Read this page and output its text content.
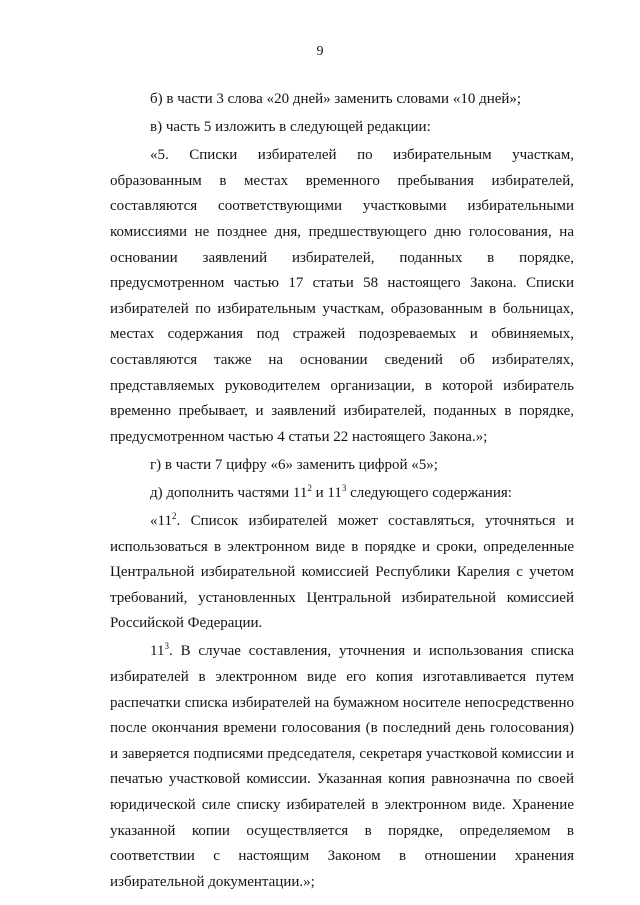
9

б) в части 3 слова «20 дней» заменить словами «10 дней»;

в) часть 5 изложить в следующей редакции:

«5. Списки избирателей по избирательным участкам, образованным в местах временного пребывания избирателей, составляются соответствующими участковыми избирательными комиссиями не позднее дня, предшествующего дню голосования, на основании заявлений избирателей, поданных в порядке, предусмотренном частью 17 статьи 58 настоящего Закона. Списки избирателей по избирательным участкам, образованным в больницах, местах содержания под стражей подозреваемых и обвиняемых, составляются также на основании сведений об избирателях, представляемых руководителем организации, в которой избиратель временно пребывает, и заявлений избирателей, поданных в порядке, предусмотренном частью 4 статьи 22 настоящего Закона.»;

г) в части 7 цифру «6» заменить цифрой «5»;

д) дополнить частями $11^2$ и $11^3$ следующего содержания:

«$11^2$. Список избирателей может составляться, уточняться и использоваться в электронном виде в порядке и сроки, определенные Центральной избирательной комиссией Республики Карелия с учетом требований, установленных Центральной избирательной комиссией Российской Федерации.

$11^3$. В случае составления, уточнения и использования списка избирателей в электронном виде его копия изготавливается путем распечатки списка избирателей на бумажном носителе непосредственно после окончания времени голосования (в последний день голосования) и заверяется подписями председателя, секретаря участковой комиссии и печатью участковой комиссии. Указанная копия равнозначна по своей юридической силе списку избирателей в электронном виде. Хранение указанной копии осуществляется в порядке, определяемом в соответствии с настоящим Законом в отношении хранения избирательной документации.»;
